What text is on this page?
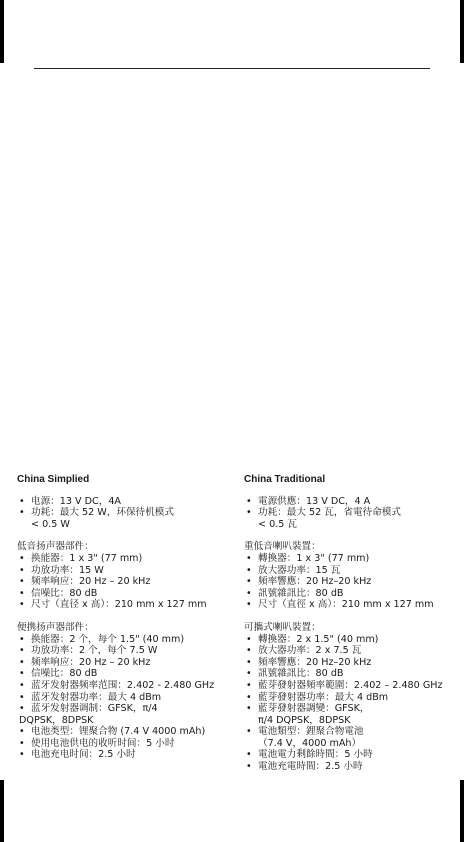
China Simplied
• 电源：13 V DC，4A
• 功耗：最大 52 W，环保待机模式
< 0.5 W
低音扬声器部件：
• 换能器：1 x 3" (77 mm)
• 功放功率：15 W
• 频率响应：20 Hz – 20 kHz
• 信噪比：80 dB
• 尺寸（直径 x 高）：210 mm x 127 mm
便携扬声器部件：
• 换能器：2 个，每个 1.5" (40 mm)
• 功放功率：2 个，每个 7.5 W
• 频率响应：20 Hz – 20 kHz
• 信噪比：80 dB
• 蓝牙发射器频率范围：2.402 - 2.480 GHz
• 蓝牙发射器功率：最大 4 dBm
• 蓝牙发射器调制：GFSK，π/4
DQPSK，8DPSK
• 电池类型：锂聚合物 (7.4 V 4000 mAh)
• 使用电池供电的收听时间：5 小时
• 电池充电时间：2.5 小时
China Traditional
• 電源供應：13 V DC，4 A
• 功耗：最大 52 瓦，省電待命模式
< 0.5 瓦
重低音喇叭裝置：
• 轉換器：1 x 3" (77 mm)
• 放大器功率：15 瓦
• 頻率響應：20 Hz–20 kHz
• 訊號雜訊比：80 dB
• 尺寸（直徑 x 高）：210 mm x 127 mm
可攜式喇叭裝置：
• 轉換器：2 x 1.5" (40 mm)
• 放大器功率：2 x 7.5 瓦
• 頻率響應：20 Hz–20 kHz
• 訊號雜訊比：80 dB
• 藍芽發射器頻率範圍：2.402 – 2.480 GHz
• 藍芽發射器功率：最大 4 dBm
• 藍芽發射器調變：GFSK，
π/4 DQPSK，8DPSK
• 電池類型：鋰聚合物電池
（7.4 V，4000 mAh）
• 電池電力剩餘時間：5 小時
• 電池充電時間：2.5 小時
